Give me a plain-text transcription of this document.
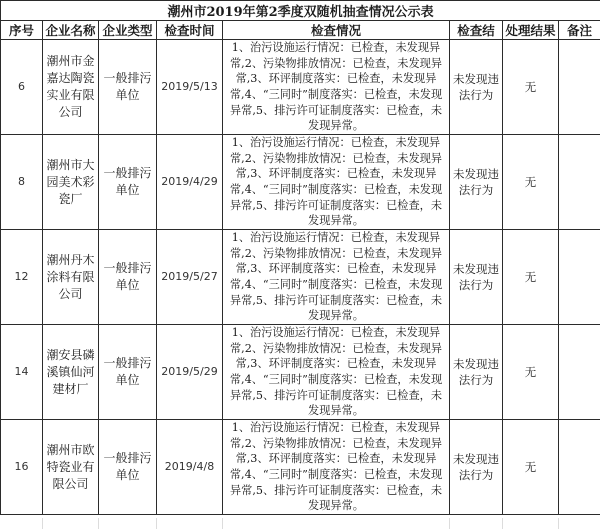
潮州市2019年第2季度双随机抽查情况公示表							
序号	企业名称	企业类型	检查时间	检查情况	检查结	处理结果	备注
6	潮州市金嘉达陶瓷实业有限公司	一般排污单位	2019/5/13	1、治污设施运行情况：已检查，未发现异常,2、污染物排放情况：已检查，未发现异常,3、环评制度落实：已检查，未发现异常,4、“三同时”制度落实：已检查，未发现异常,5、排污许可证制度落实：已检查，未发现异常。	未发现违法行为	无	
8	潮州市大园美术彩瓷厂	一般排污单位	2019/4/29	1、治污设施运行情况：已检查，未发现异常,2、污染物排放情况：已检查，未发现异常,3、环评制度落实：已检查，未发现异常,4、“三同时”制度落实：已检查，未发现异常,5、排污许可证制度落实：已检查，未发现异常。	未发现违法行为	无	
12	潮州丹木涂料有限公司	一般排污单位	2019/5/27	1、治污设施运行情况：已检查，未发现异常,2、污染物排放情况：已检查，未发现异常,3、环评制度落实：已检查，未发现异常,4、“三同时”制度落实：已检查，未发现异常,5、排污许可证制度落实：已检查，未发现异常。	未发现违法行为	无	
14	潮安县磷溪镇仙河建材厂	一般排污单位	2019/5/29	1、治污设施运行情况：已检查，未发现异常,2、污染物排放情况：已检查，未发现异常,3、环评制度落实：已检查，未发现异常,4、“三同时”制度落实：已检查，未发现异常,5、排污许可证制度落实：已检查，未发现异常。	未发现违法行为	无	
16	潮州市欧特瓷业有限公司	一般排污单位	2019/4/8	1、治污设施运行情况：已检查，未发现异常,2、污染物排放情况：已检查，未发现异常,3、环评制度落实：已检查，未发现异常,4、“三同时”制度落实：已检查，未发现异常,5、排污许可证制度落实：已检查，未发现异常。	未发现违法行为	无	
